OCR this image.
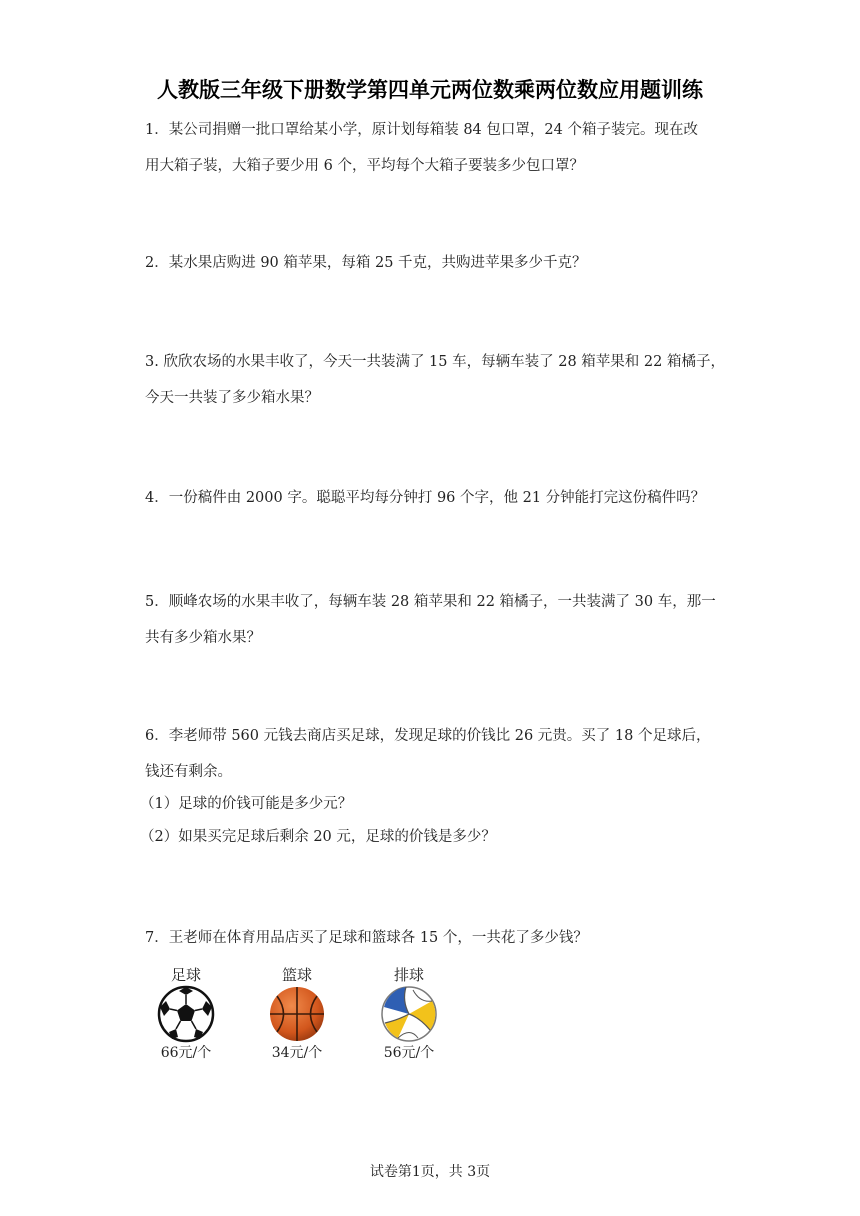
人教版三年级下册数学第四单元两位数乘两位数应用题训练

1．某公司捐赠一批口罩给某小学，原计划每箱装 84 包口罩，24 个箱子装完。现在改

用大箱子装，大箱子要少用 6 个，平均每个大箱子要装多少包口罩？

2．某水果店购进 90 箱苹果，每箱 25 千克，共购进苹果多少千克？

3. 欣欣农场的水果丰收了，今天一共装满了 15 车，每辆车装了 28 箱苹果和 22 箱橘子，

今天一共装了多少箱水果？

4．一份稿件由 2000 字。聪聪平均每分钟打 96 个字，他 21 分钟能打完这份稿件吗？

5．顺峰农场的水果丰收了，每辆车装 28 箱苹果和 22 箱橘子，一共装满了 30 车，那一

共有多少箱水果？

6．李老师带 560 元钱去商店买足球，发现足球的价钱比 26 元贵。买了 18 个足球后，

钱还有剩余。

（1）足球的价钱可能是多少元？
（2）如果买完足球后剩余 20 元，足球的价钱是多少？

7．王老师在体育用品店买了足球和篮球各 15 个，一共花了多少钱？

足球	篮球	排球
66元/个	34元/个	56元/个
试卷第1页，共 3页
